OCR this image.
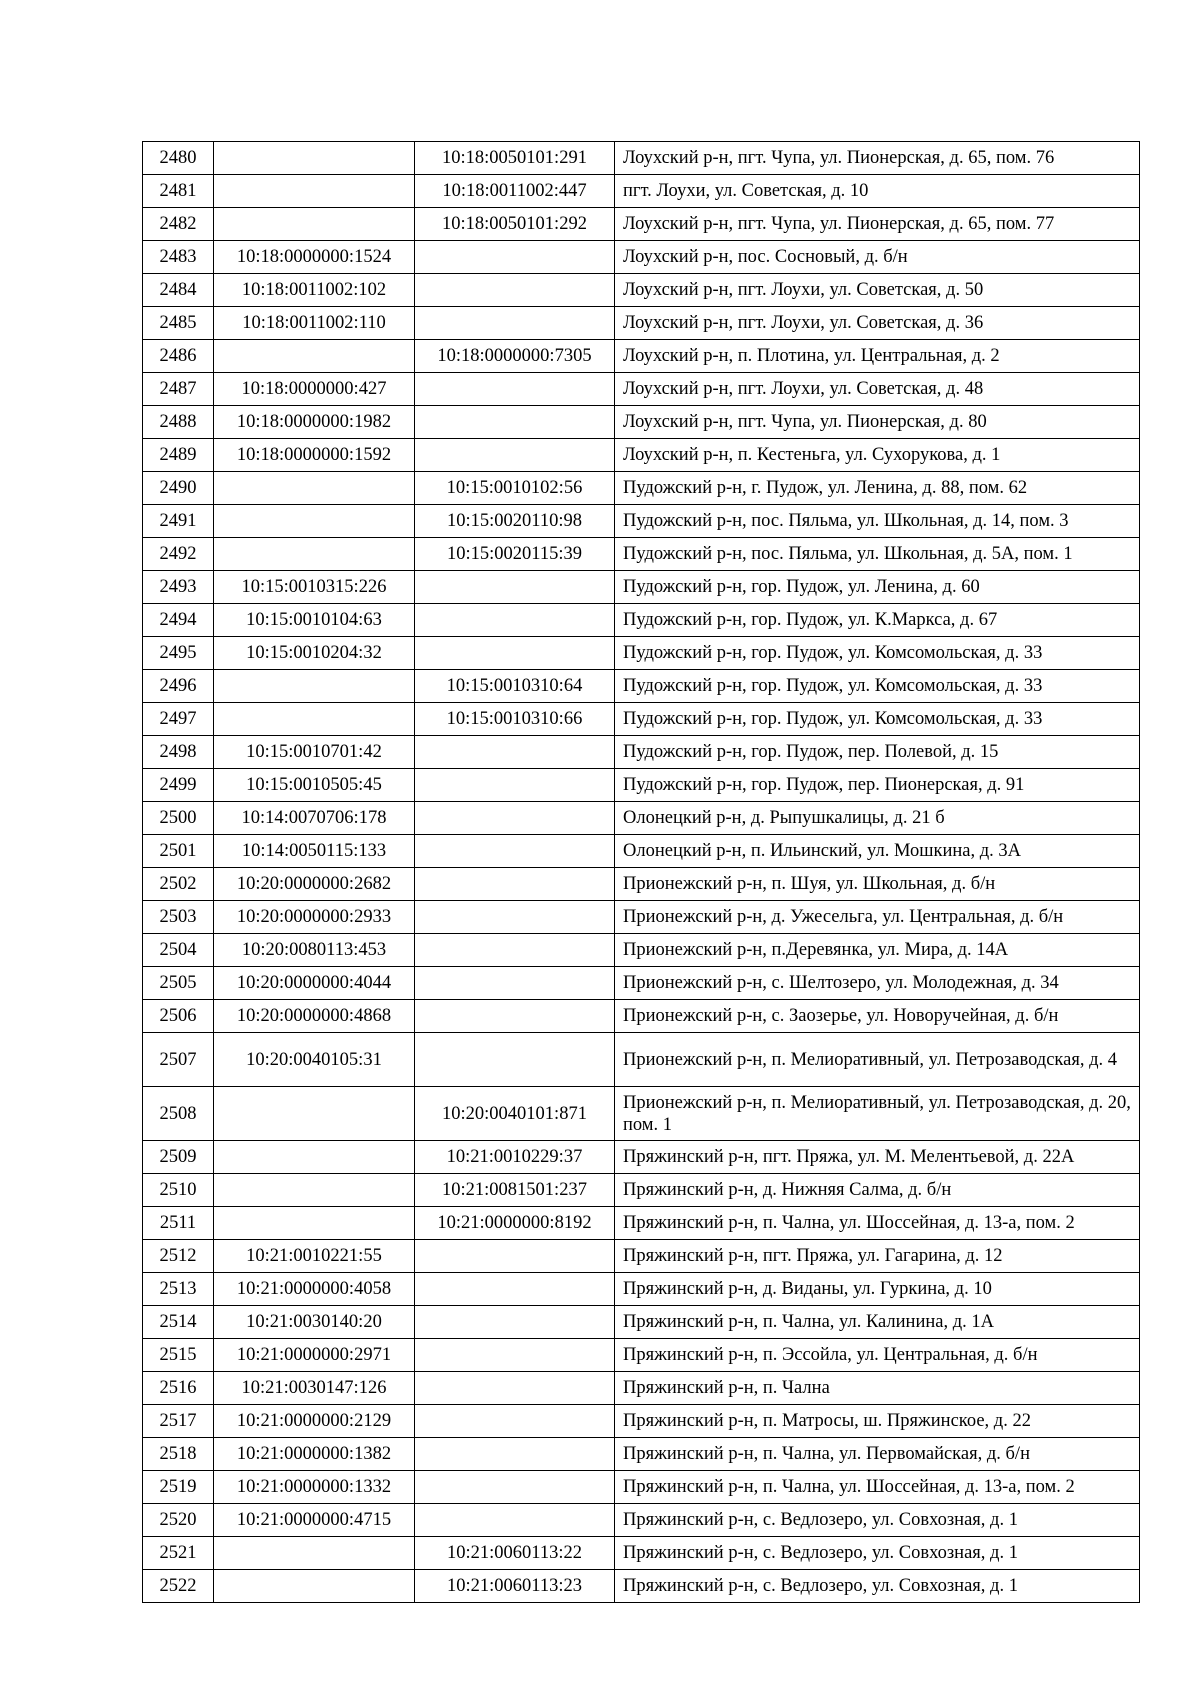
2480		10:18:0050101:291	Лоухский р-н, пгт. Чупа, ул. Пионерская, д. 65, пом. 76
2481		10:18:0011002:447	пгт. Лоухи, ул. Советская, д. 10
2482		10:18:0050101:292	Лоухский р-н, пгт. Чупа, ул. Пионерская, д. 65, пом. 77
2483	10:18:0000000:1524		Лоухский р-н, пос. Сосновый, д. б/н
2484	10:18:0011002:102		Лоухский р-н, пгт. Лоухи, ул. Советская, д. 50
2485	10:18:0011002:110		Лоухский р-н, пгт. Лоухи, ул. Советская, д. 36
2486		10:18:0000000:7305	Лоухский р-н, п. Плотина, ул. Центральная, д. 2
2487	10:18:0000000:427		Лоухский р-н, пгт. Лоухи, ул. Советская, д. 48
2488	10:18:0000000:1982		Лоухский р-н, пгт. Чупа, ул. Пионерская, д. 80
2489	10:18:0000000:1592		Лоухский р-н, п. Кестеньга, ул. Сухорукова, д. 1
2490		10:15:0010102:56	Пудожский р-н, г. Пудож, ул. Ленина, д. 88, пом. 62
2491		10:15:0020110:98	Пудожский р-н, пос. Пяльма, ул. Школьная, д. 14, пом. 3
2492		10:15:0020115:39	Пудожский р-н, пос. Пяльма, ул. Школьная, д. 5А, пом. 1
2493	10:15:0010315:226		Пудожский р-н, гор. Пудож, ул. Ленина, д. 60
2494	10:15:0010104:63		Пудожский р-н, гор. Пудож, ул. К.Маркса, д. 67
2495	10:15:0010204:32		Пудожский р-н, гор. Пудож, ул. Комсомольская, д. 33
2496		10:15:0010310:64	Пудожский р-н, гор. Пудож, ул. Комсомольская, д. 33
2497		10:15:0010310:66	Пудожский р-н, гор. Пудож, ул. Комсомольская, д. 33
2498	10:15:0010701:42		Пудожский р-н, гор. Пудож, пер. Полевой, д. 15
2499	10:15:0010505:45		Пудожский р-н, гор. Пудож, пер. Пионерская, д. 91
2500	10:14:0070706:178		Олонецкий р-н, д. Рыпушкалицы, д. 21 б
2501	10:14:0050115:133		Олонецкий р-н, п. Ильинский, ул. Мошкина, д. 3А
2502	10:20:0000000:2682		Прионежский р-н, п. Шуя, ул. Школьная, д. б/н
2503	10:20:0000000:2933		Прионежский р-н, д. Ужесельга, ул. Центральная, д. б/н
2504	10:20:0080113:453		Прионежский р-н, п.Деревянка, ул. Мира, д. 14А
2505	10:20:0000000:4044		Прионежский р-н, с. Шелтозеро, ул. Молодежная, д. 34
2506	10:20:0000000:4868		Прионежский р-н, с. Заозерье, ул. Новоручейная, д. б/н
2507	10:20:0040105:31		Прионежский р-н, п. Мелиоративный, ул. Петрозаводская, д. 4
2508		10:20:0040101:871	Прионежский р-н, п. Мелиоративный, ул. Петрозаводская, д. 20, пом. 1
2509		10:21:0010229:37	Пряжинский р-н, пгт. Пряжа, ул. М. Мелентьевой, д. 22А
2510		10:21:0081501:237	Пряжинский р-н, д. Нижняя Салма, д. б/н
2511		10:21:0000000:8192	Пряжинский р-н, п. Чална, ул. Шоссейная, д. 13-а, пом. 2
2512	10:21:0010221:55		Пряжинский р-н, пгт. Пряжа, ул. Гагарина, д. 12
2513	10:21:0000000:4058		Пряжинский р-н, д. Виданы, ул. Гуркина, д. 10
2514	10:21:0030140:20		Пряжинский р-н, п. Чална, ул. Калинина, д. 1А
2515	10:21:0000000:2971		Пряжинский р-н, п. Эссойла, ул. Центральная, д. б/н
2516	10:21:0030147:126		Пряжинский р-н, п. Чална
2517	10:21:0000000:2129		Пряжинский р-н, п. Матросы, ш. Пряжинское, д. 22
2518	10:21:0000000:1382		Пряжинский р-н, п. Чална, ул. Первомайская, д. б/н
2519	10:21:0000000:1332		Пряжинский р-н, п. Чална, ул. Шоссейная, д. 13-а, пом. 2
2520	10:21:0000000:4715		Пряжинский р-н, с. Ведлозеро, ул. Совхозная, д. 1
2521		10:21:0060113:22	Пряжинский р-н, с. Ведлозеро, ул. Совхозная, д. 1
2522		10:21:0060113:23	Пряжинский р-н, с. Ведлозеро, ул. Совхозная, д. 1
